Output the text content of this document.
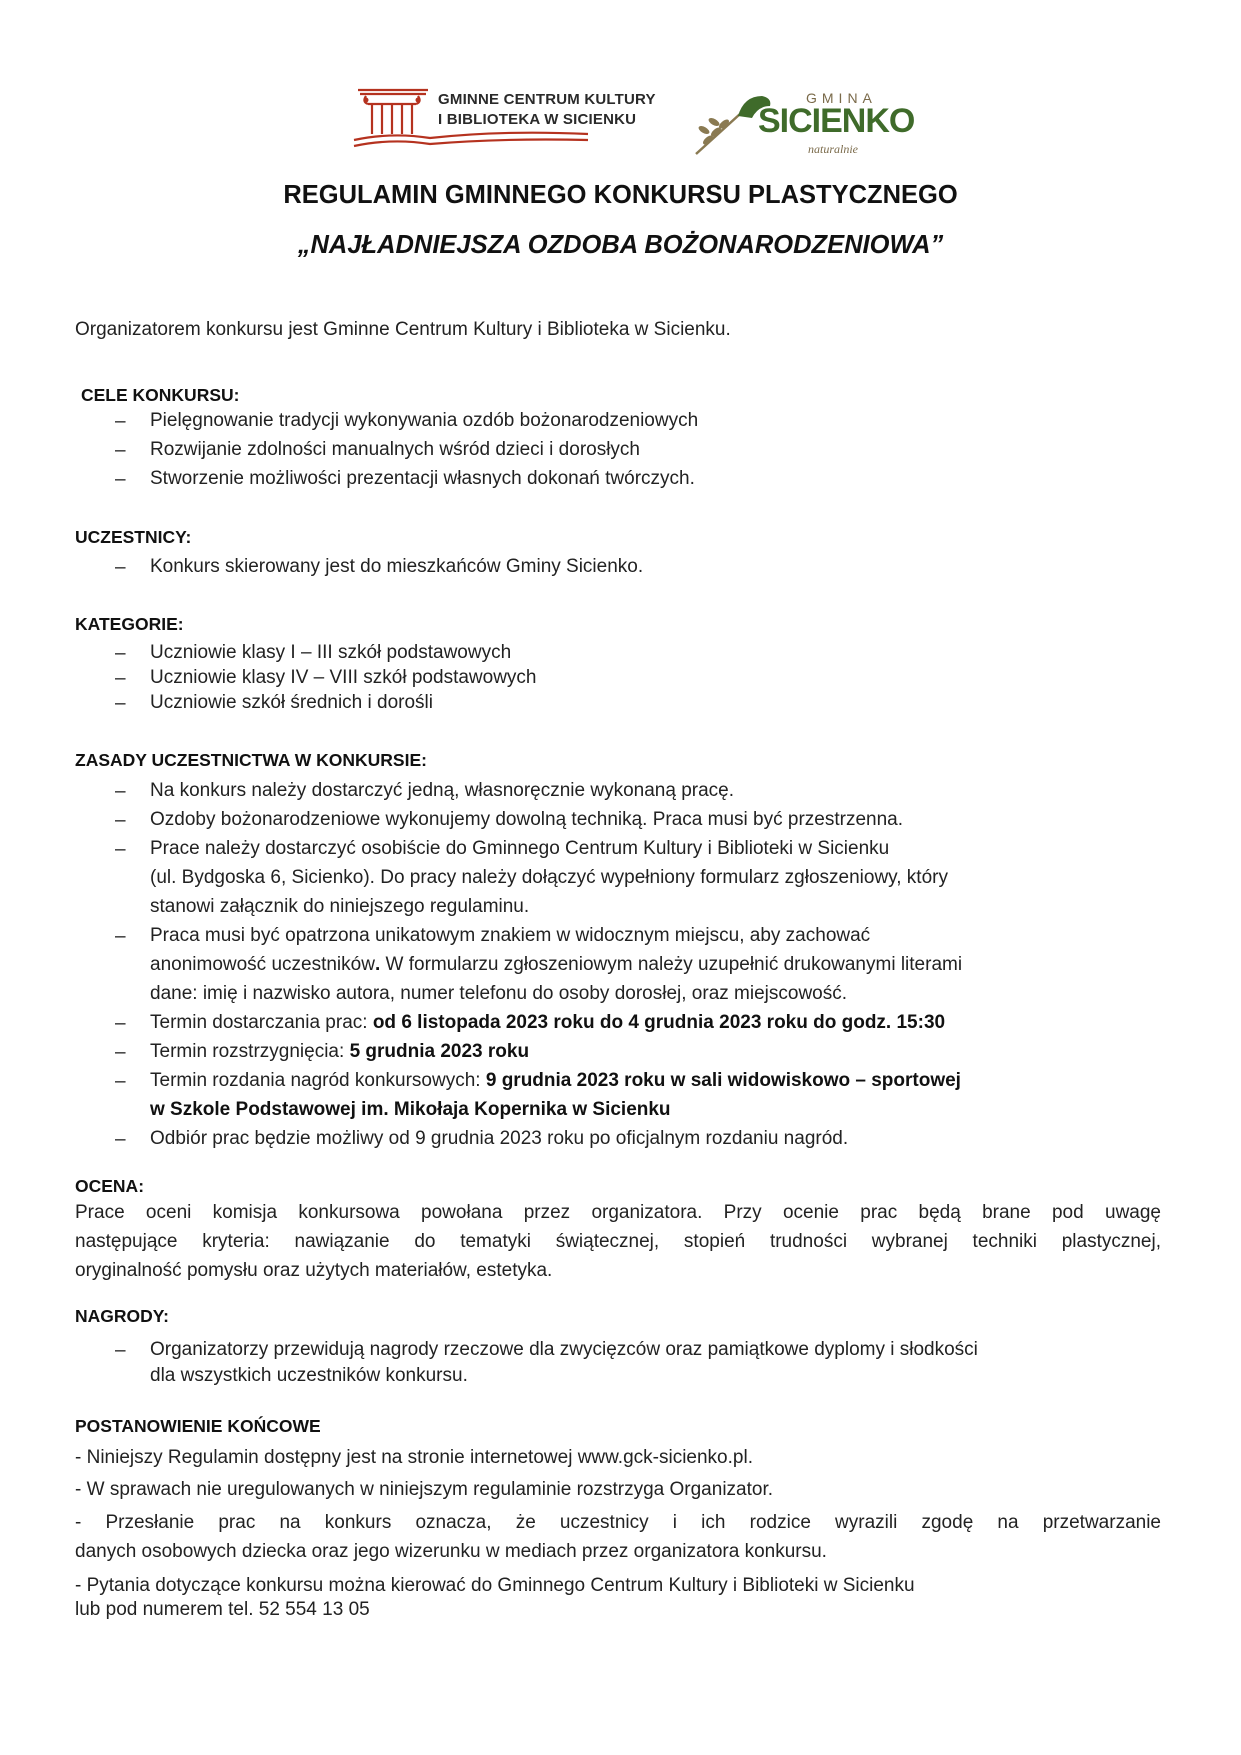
GMINNE CENTRUM KULTURY
I BIBLIOTEKA W SICIENKU
GMINA
SICIENKO
naturalnie
REGULAMIN GMINNEGO KONKURSU PLASTYCZNEGO
„NAJŁADNIEJSZA OZDOBA BOŻONARODZENIOWA”
Organizatorem konkursu jest Gminne Centrum Kultury i Biblioteka w Sicienku.
CELE KONKURSU:
– Pielęgnowanie tradycji wykonywania ozdób bożonarodzeniowych
– Rozwijanie zdolności manualnych wśród dzieci i dorosłych
– Stworzenie możliwości prezentacji własnych dokonań twórczych.
UCZESTNICY:
– Konkurs skierowany jest do mieszkańców Gminy Sicienko.
KATEGORIE:
– Uczniowie klasy I – III szkół podstawowych
– Uczniowie klasy IV – VIII szkół podstawowych
– Uczniowie szkół średnich i dorośli
ZASADY UCZESTNICTWA W KONKURSIE:
– Na konkurs należy dostarczyć jedną, własnoręcznie wykonaną pracę.
– Ozdoby bożonarodzeniowe wykonujemy dowolną techniką. Praca musi być przestrzenna.
– Prace należy dostarczyć osobiście do Gminnego Centrum Kultury i Biblioteki w Sicienku
(ul. Bydgoska 6, Sicienko). Do pracy należy dołączyć wypełniony formularz zgłoszeniowy, który
stanowi załącznik do niniejszego regulaminu.
– Praca musi być opatrzona unikatowym znakiem w widocznym miejscu, aby zachować
anonimowość uczestników. W formularzu zgłoszeniowym należy uzupełnić drukowanymi literami
dane: imię i nazwisko autora, numer telefonu do osoby dorosłej, oraz miejscowość.
– Termin dostarczania prac: od 6 listopada 2023 roku do 4 grudnia 2023 roku do godz. 15:30
– Termin rozstrzygnięcia: 5 grudnia 2023 roku
– Termin rozdania nagród konkursowych: 9 grudnia 2023 roku w sali widowiskowo – sportowej
w Szkole Podstawowej im. Mikołaja Kopernika w Sicienku
– Odbiór prac będzie możliwy od 9 grudnia 2023 roku po oficjalnym rozdaniu nagród.
OCENA:
Prace oceni komisja konkursowa powołana przez organizatora. Przy ocenie prac będą brane pod uwagę
następujące kryteria: nawiązanie do tematyki świątecznej, stopień trudności wybranej techniki plastycznej,
oryginalność pomysłu oraz użytych materiałów, estetyka.
NAGRODY:
– Organizatorzy przewidują nagrody rzeczowe dla zwycięzców oraz pamiątkowe dyplomy i słodkości
dla wszystkich uczestników konkursu.
POSTANOWIENIE KOŃCOWE
- Niniejszy Regulamin dostępny jest na stronie internetowej www.gck-sicienko.pl.
- W sprawach nie uregulowanych w niniejszym regulaminie rozstrzyga Organizator.
- Przesłanie prac na konkurs oznacza, że uczestnicy i ich rodzice wyrazili zgodę na przetwarzanie
danych osobowych dziecka oraz jego wizerunku w mediach przez organizatora konkursu.
- Pytania dotyczące konkursu można kierować do Gminnego Centrum Kultury i Biblioteki w Sicienku
lub pod numerem tel. 52 554 13 05
